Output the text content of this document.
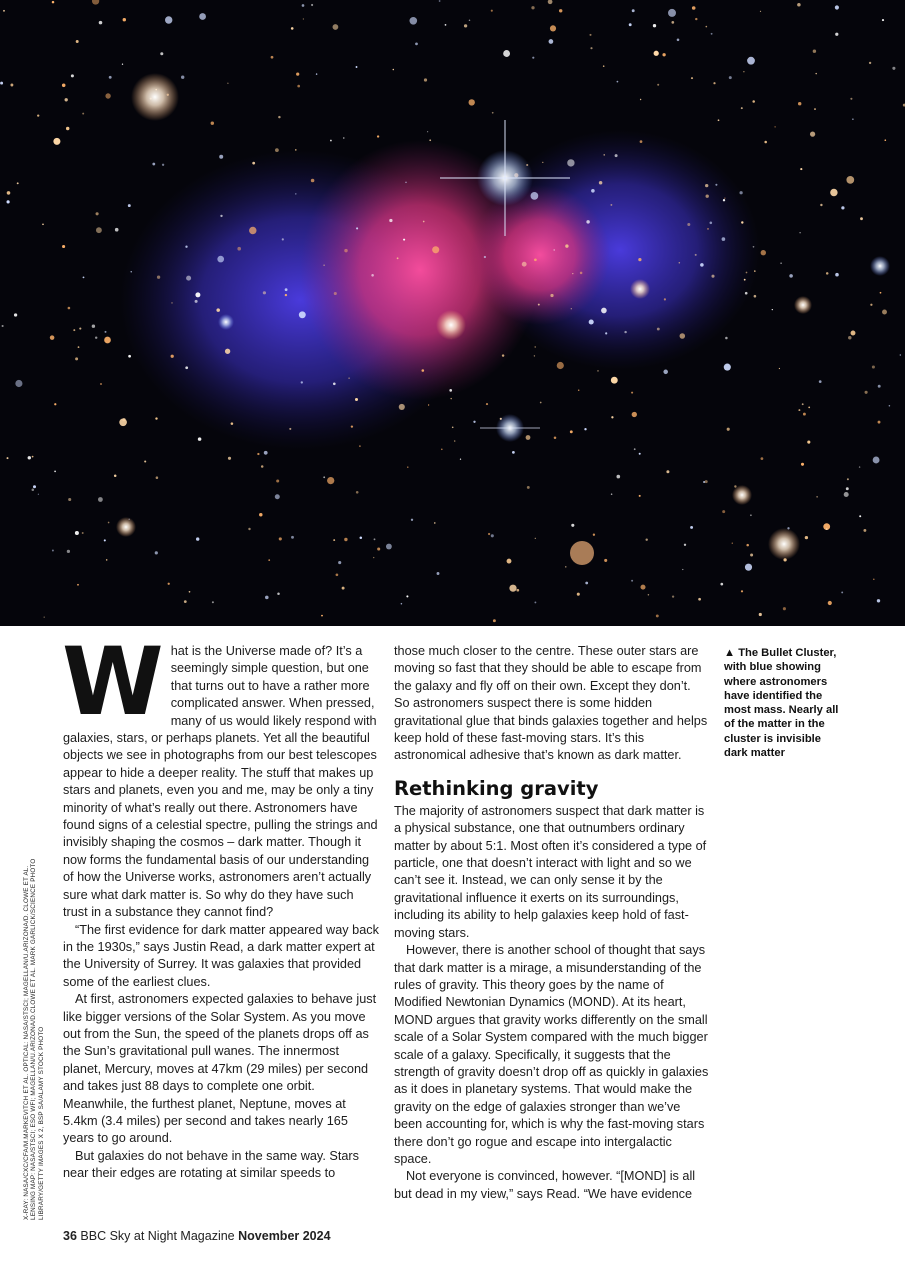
X-RAY: NASA/CXC/CFA/M.MARKEVITCH ET AL. OPTICAL: NASA/STSCI; MAGELLAN/U.ARIZONA/D. CLOWE ET AL. LENSING MAP: NASA/STSCI; ESO WFI; MAGELLAN/U.ARIZONA/D.CLOWE ET AL. MARK GARLICK/SCIENCE PHOTO LIBRARY/GETTY IMAGES X 2, BSP SA/ALAMY STOCK PHOTO
W hat is the Universe made of? It’s a seemingly simple question, but one that turns out to have a rather more complicated answer. When pressed, many of us would likely respond with galaxies, stars, or perhaps planets. Yet all the beautiful objects we see in photographs from our best telescopes appear to hide a deeper reality. The stuff that makes up stars and planets, even you and me, may be only a tiny minority of what’s really out there. Astronomers have found signs of a celestial spectre, pulling the strings and invisibly shaping the cosmos – dark matter. Though it now forms the fundamental basis of our understanding of how the Universe works, astronomers aren’t actually sure what dark matter is. So why do they have such trust in a substance they cannot find?

“The first evidence for dark matter appeared way back in the 1930s,” says Justin Read, a dark matter expert at the University of Surrey. It was galaxies that provided some of the earliest clues.

At first, astronomers expected galaxies to behave just like bigger versions of the Solar System. As you move out from the Sun, the speed of the planets drops off as the Sun’s gravitational pull wanes. The innermost planet, Mercury, moves at 47km (29 miles) per second and takes just 88 days to complete one orbit. Meanwhile, the furthest planet, Neptune, moves at 5.4km (3.4 miles) per second and takes nearly 165 years to go around.

But galaxies do not behave in the same way. Stars near their edges are rotating at similar speeds to

those much closer to the centre. These outer stars are moving so fast that they should be able to escape from the galaxy and fly off on their own. Except they don’t. So astronomers suspect there is some hidden gravitational glue that binds galaxies together and helps keep hold of these fast-moving stars. It’s this astronomical adhesive that’s known as dark matter.

Rethinking gravity

The majority of astronomers suspect that dark matter is a physical substance, one that outnumbers ordinary matter by about 5:1. Most often it’s considered a type of particle, one that doesn’t interact with light and so we can’t see it. Instead, we can only sense it by the gravitational influence it exerts on its surroundings, including its ability to help galaxies keep hold of fast-moving stars.

However, there is another school of thought that says that dark matter is a mirage, a misunderstanding of the rules of gravity. This theory goes by the name of Modified Newtonian Dynamics (MOND). At its heart, MOND argues that gravity works differently on the small scale of a Solar System compared with the much bigger scale of a galaxy. Specifically, it suggests that the strength of gravity doesn’t drop off as quickly in galaxies as it does in planetary systems. That would make the gravity on the edge of galaxies stronger than we’ve been accounting for, which is why the fast-moving stars there don’t go rogue and escape into intergalactic space.

Not everyone is convinced, however. “[MOND] is all but dead in my view,” says Read. “We have evidence

▲ The Bullet Cluster, with blue showing where astronomers have identified the most mass. Nearly all of the matter in the cluster is invisible dark matter
36 BBC Sky at Night Magazine November 2024
